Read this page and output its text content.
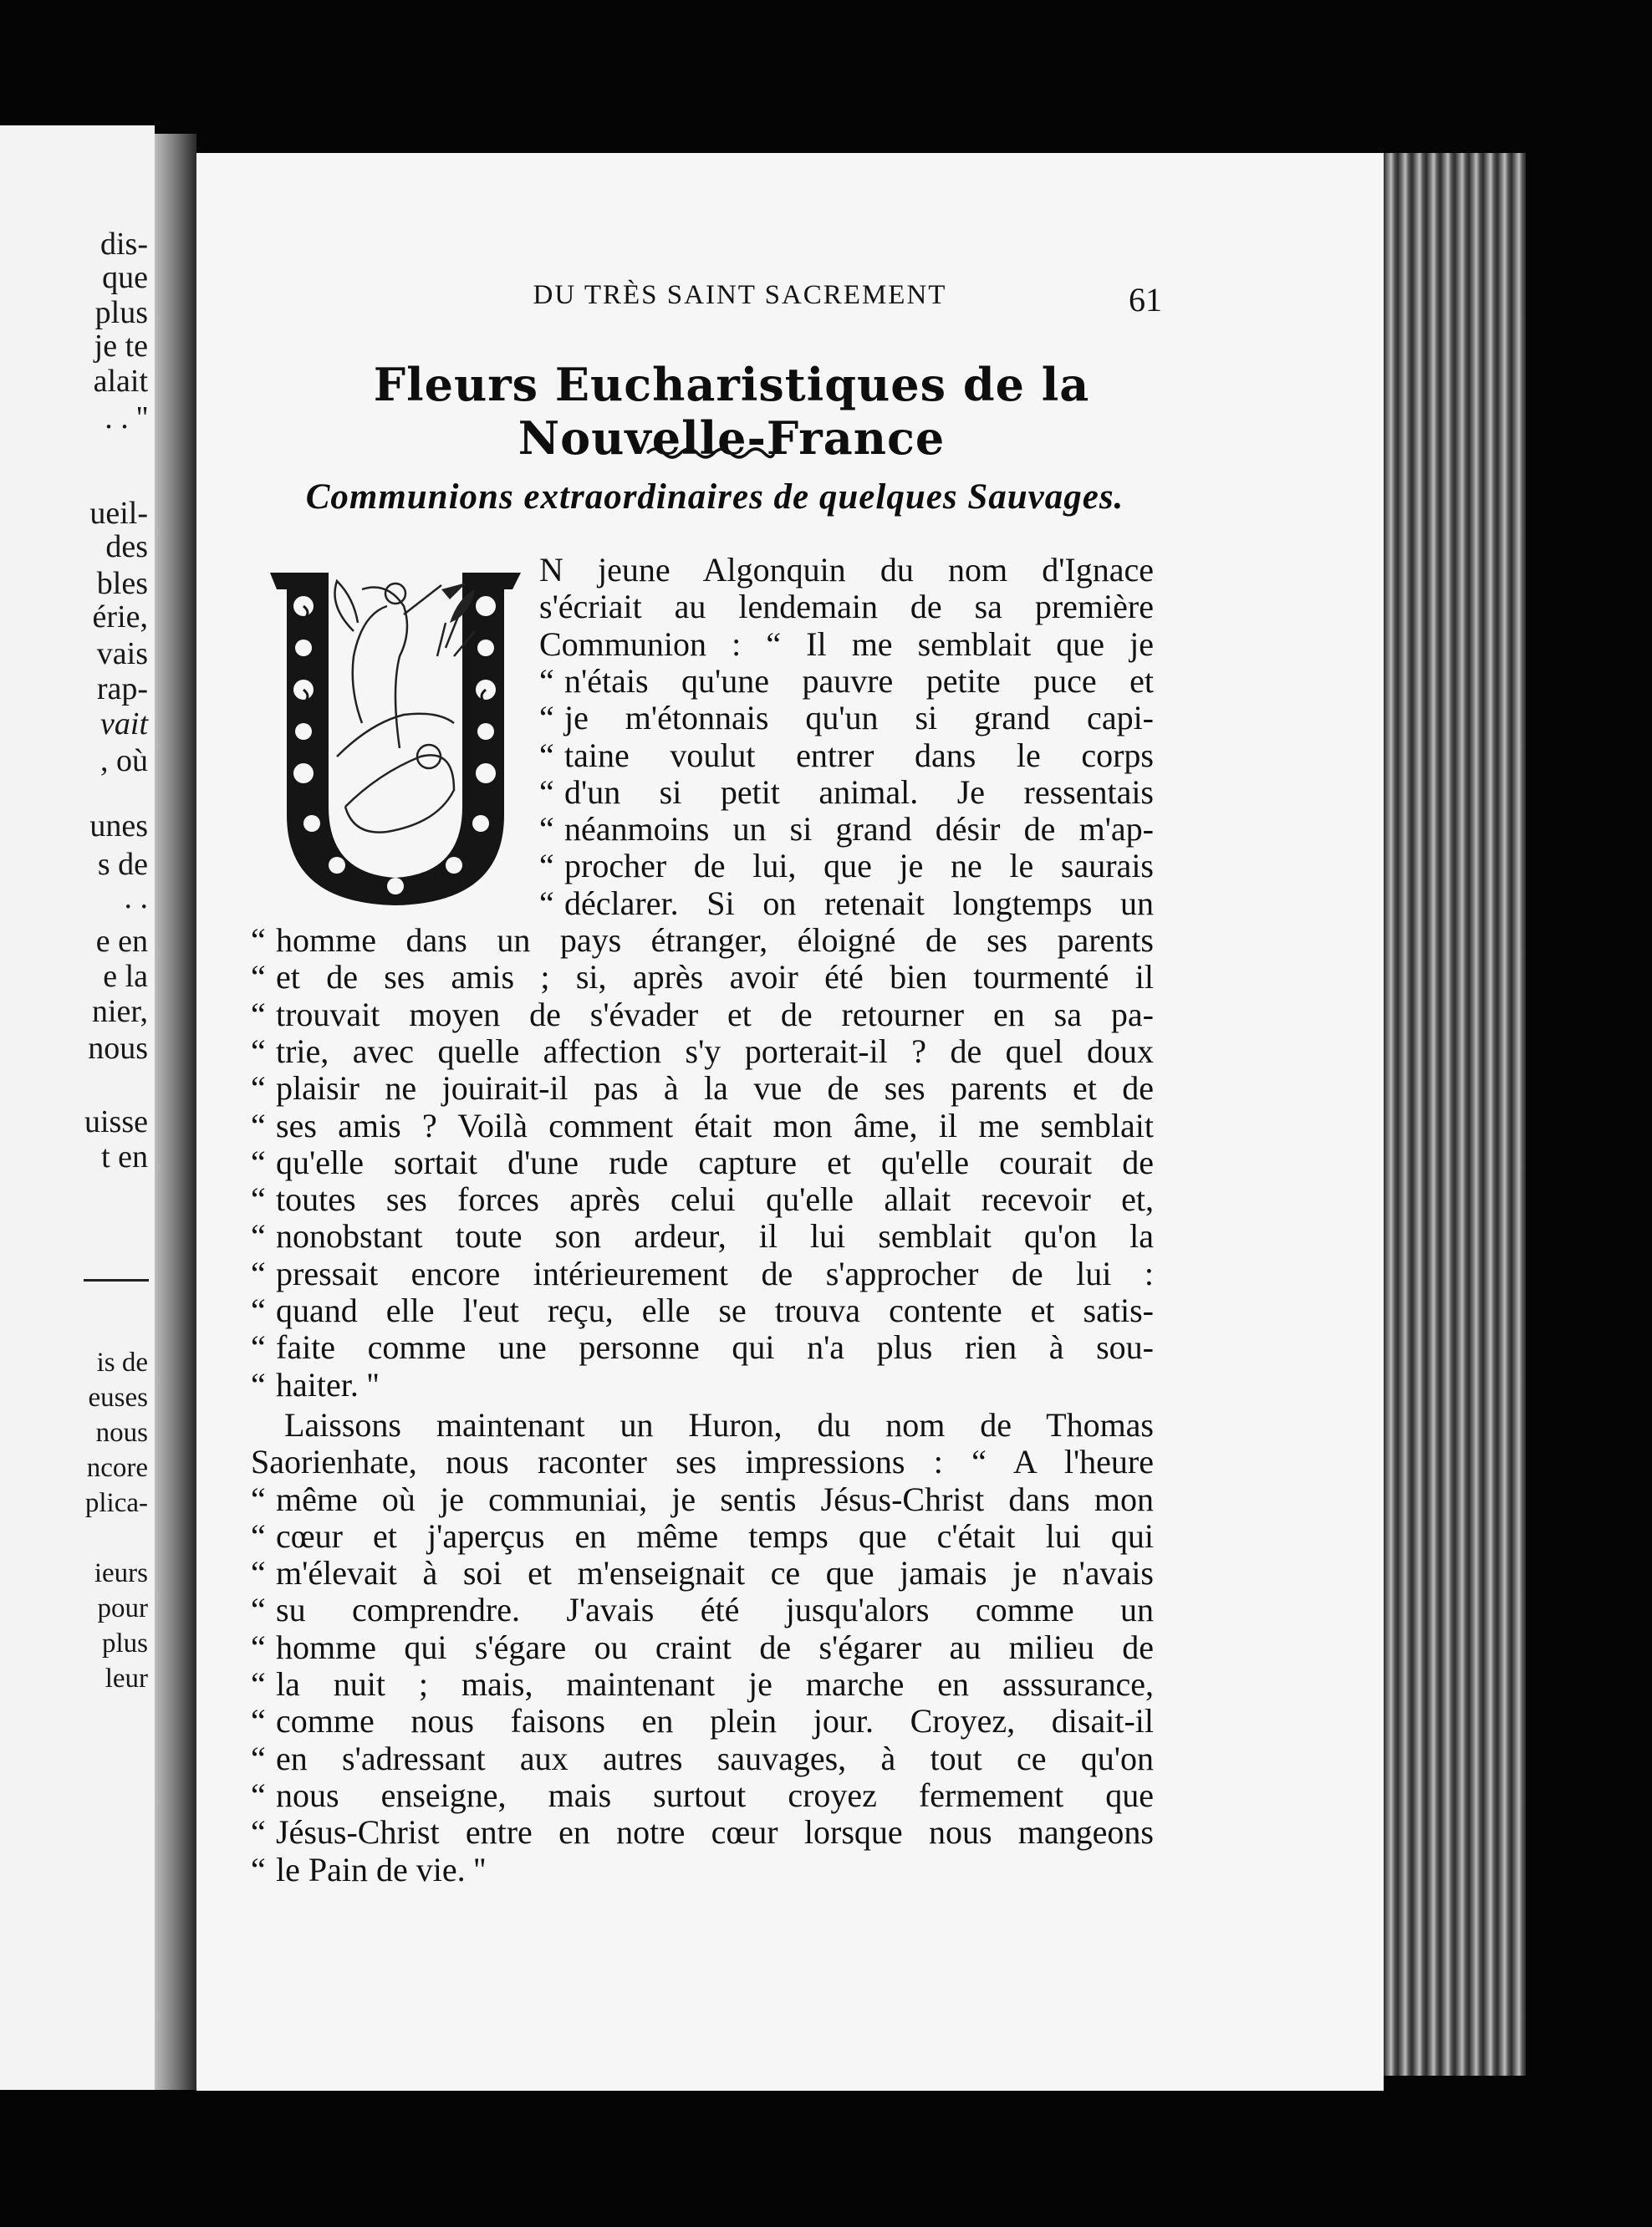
dis-
que
plus
je te
alait
. . ''
ueil-
des
bles
érie,
vais
rap-
vait
, où
unes
s de
. .
e en
e la
nier,
nous
uisse
t en
is de
euses
nous
ncore
plica-
ieurs
pour
plus
leur
DU TRÈS SAINT SACREMENT	61
Fleurs Eucharistiques de la Nouvelle-France
Communions extraordinaires de quelques Sauvages.
N jeune Algonquin du nom d'Ignace
s'écriait au lendemain de sa première
Communion : “ Il me semblait que je
“ n'étais qu'une pauvre petite puce et
“ je m'étonnais qu'un si grand capi-
“ taine voulut entrer dans le corps
“ d'un si petit animal. Je ressentais
“ néanmoins un si grand désir de m'ap-
“ procher de lui, que je ne le saurais
“ déclarer. Si on retenait longtemps un
“ homme dans un pays étranger, éloigné de ses parents
“ et de ses amis ; si, après avoir été bien tourmenté il
“ trouvait moyen de s'évader et de retourner en sa pa-
“ trie, avec quelle affection s'y porterait-il ? de quel doux
“ plaisir ne jouirait-il pas à la vue de ses parents et de
“ ses amis ? Voilà comment était mon âme, il me semblait
“ qu'elle sortait d'une rude capture et qu'elle courait de
“ toutes ses forces après celui qu'elle allait recevoir et,
“ nonobstant toute son ardeur, il lui semblait qu'on la
“ pressait encore intérieurement de s'approcher de lui :
“ quand elle l'eut reçu, elle se trouva contente et satis-
“ faite comme une personne qui n'a plus rien à sou-
“ haiter. ''
Laissons maintenant un Huron, du nom de Thomas
Saorienhate, nous raconter ses impressions : “ A l'heure
“ même où je communiai, je sentis Jésus-Christ dans mon
“ cœur et j'aperçus en même temps que c'était lui qui
“ m'élevait à soi et m'enseignait ce que jamais je n'avais
“ su comprendre. J'avais été jusqu'alors comme un
“ homme qui s'égare ou craint de s'égarer au milieu de
“ la nuit ; mais, maintenant je marche en asssurance,
“ comme nous faisons en plein jour. Croyez, disait-il
“ en s'adressant aux autres sauvages, à tout ce qu'on
“ nous enseigne, mais surtout croyez fermement que
“ Jésus-Christ entre en notre cœur lorsque nous mangeons
“ le Pain de vie. ''
